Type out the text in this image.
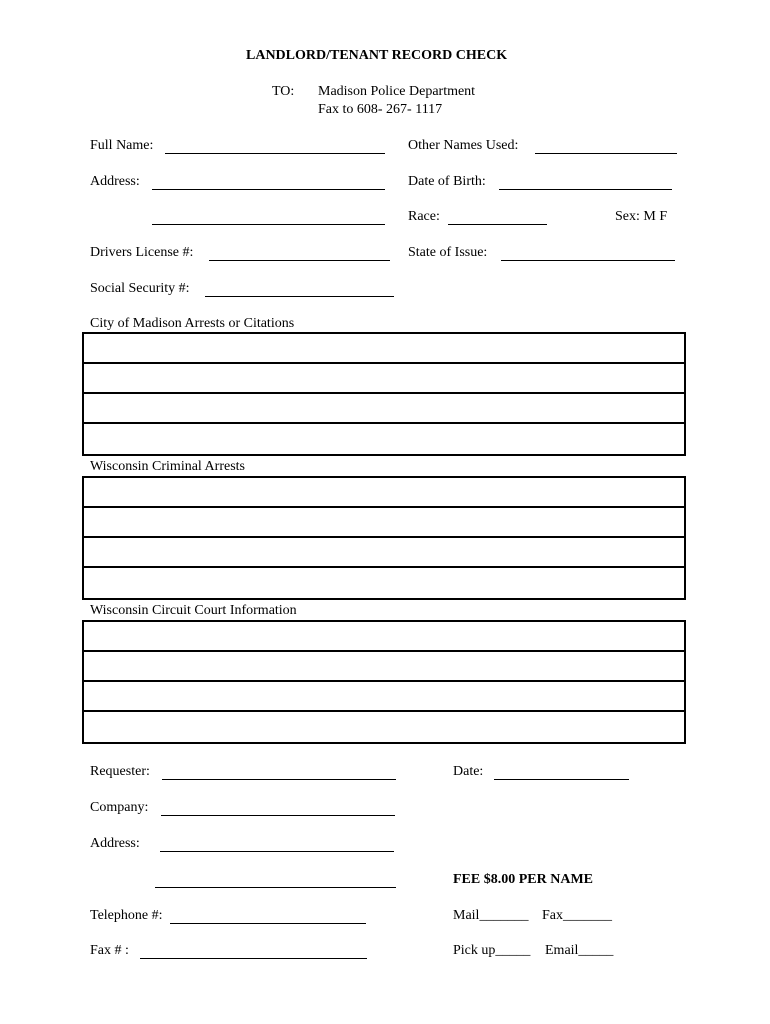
LANDLORD/TENANT RECORD CHECK
TO: Madison Police Department
Fax to 608- 267- 1117
Full Name:	Other Names Used:
Address:	Date of Birth:
Race:	Sex: M F
Drivers License #:	State of Issue:
Social Security #:
City of Madison Arrests or Citations
Wisconsin Criminal Arrests
Wisconsin Circuit Court Information
Requester:	Date:
Company:
Address:
FEE $8.00 PER NAME
Telephone #:	Mail_______ Fax_______
Fax # :	Pick up_____ Email_____
